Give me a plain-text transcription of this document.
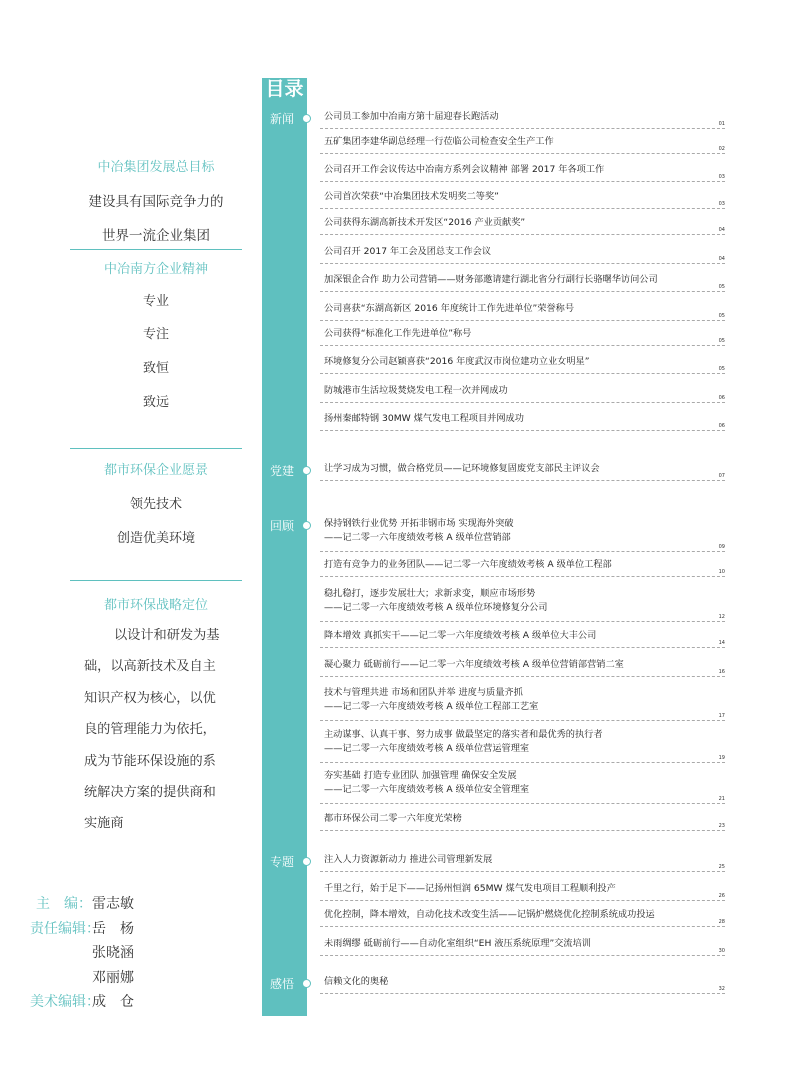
中冶集团发展总目标
建设具有国际竞争力的
世界一流企业集团
中冶南方企业精神
专业
专注
致恒
致远
都市环保企业愿景
领先技术
创造优美环境
都市环保战略定位
以设计和研发为基
础，以高新技术及自主
知识产权为核心，以优
良的管理能力为依托，
成为节能环保设施的系
统解决方案的提供商和
实施商
主　编：雷志敏
责任编辑：岳　杨
张晓涵
邓丽娜
美术编辑：成　仓
目录
新闻
党建
回顾
专题
感悟
公司员工参加中冶南方第十届迎春长跑活动
01
五矿集团李建华副总经理一行莅临公司检查安全生产工作
02
公司召开工作会议传达中冶南方系列会议精神 部署 2017 年各项工作
03
公司首次荣获“中冶集团技术发明奖二等奖”
03
公司获得东湖高新技术开发区“2016 产业贡献奖”
04
公司召开 2017 年工会及团总支工作会议
04
加深银企合作 助力公司营销——财务部邀请建行湖北省分行副行长骆曙华访问公司
05
公司喜获“东湖高新区 2016 年度统计工作先进单位”荣誉称号
05
公司获得“标准化工作先进单位”称号
05
环境修复分公司赵颖喜获“2016 年度武汉市岗位建功立业女明星”
05
防城港市生活垃圾焚烧发电工程一次并网成功
06
扬州秦邮特钢 30MW 煤气发电工程项目并网成功
06
让学习成为习惯，做合格党员——记环境修复固废党支部民主评议会
07
保持钢铁行业优势 开拓非钢市场 实现海外突破
——记二零一六年度绩效考核 A 级单位营销部
09
打造有竞争力的业务团队——记二零一六年度绩效考核 A 级单位工程部
10
稳扎稳打，逐步发展壮大；求新求变，顺应市场形势
——记二零一六年度绩效考核 A 级单位环境修复分公司
12
降本增效 真抓实干——记二零一六年度绩效考核 A 级单位大丰公司
14
凝心聚力 砥砺前行——记二零一六年度绩效考核 A 级单位营销部营销二室
16
技术与管理共进 市场和团队并举 进度与质量齐抓
——记二零一六年度绩效考核 A 级单位工程部工艺室
17
主动谋事、认真干事、努力成事 做最坚定的落实者和最优秀的执行者
——记二零一六年度绩效考核 A 级单位营运管理室
19
夯实基础 打造专业团队 加强管理 确保安全发展
——记二零一六年度绩效考核 A 级单位安全管理室
21
都市环保公司二零一六年度光荣榜
23
注入人力资源新动力 推进公司管理新发展
25
千里之行，始于足下——记扬州恒润 65MW 煤气发电项目工程顺利投产
26
优化控制，降本增效，自动化技术改变生活——记锅炉燃烧优化控制系统成功投运
28
未雨绸缪 砥砺前行——自动化室组织“EH 液压系统原理”交流培训
30
信赖文化的奥秘
32
